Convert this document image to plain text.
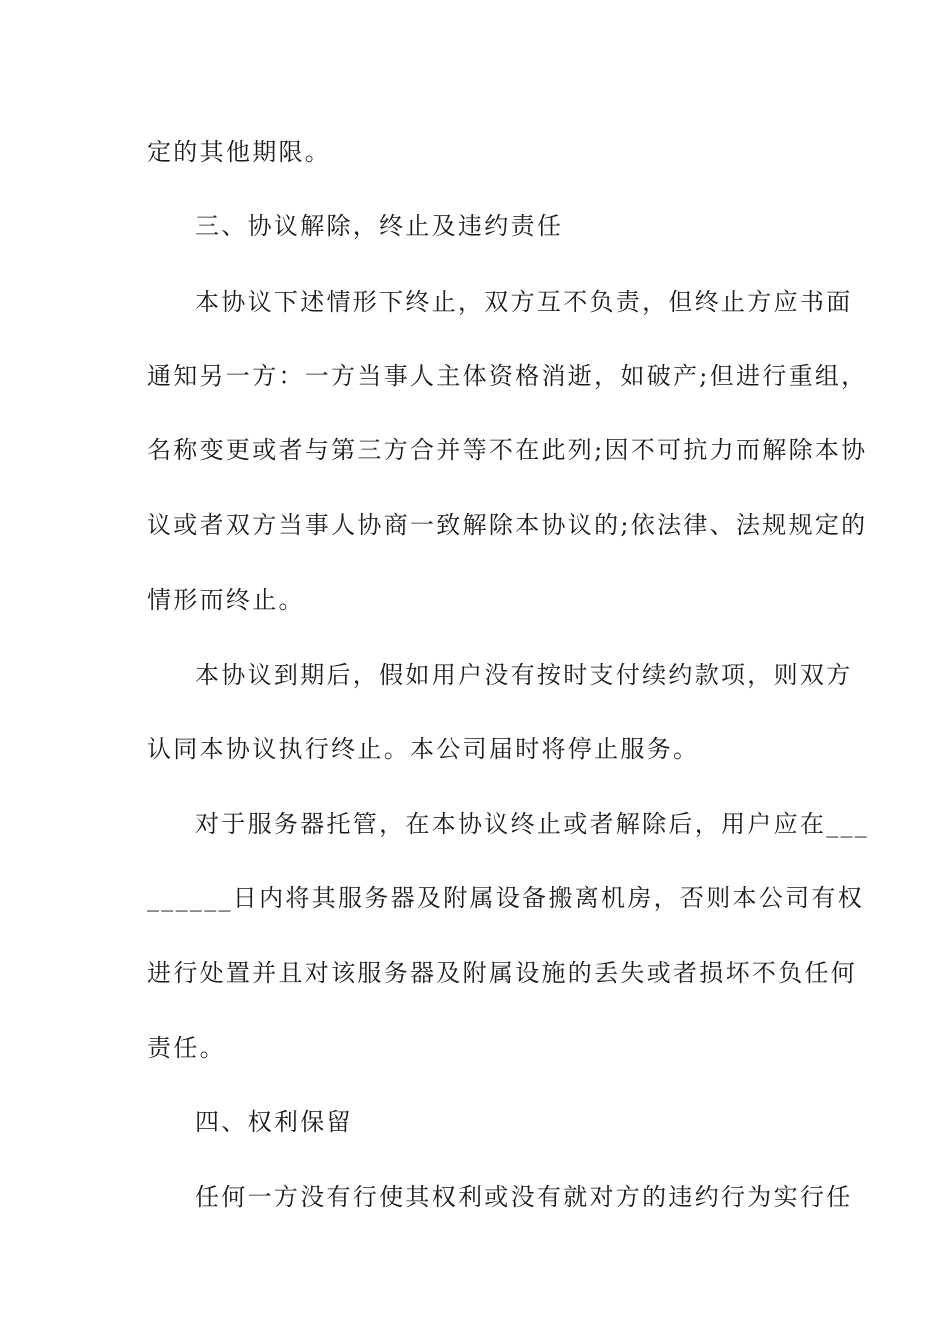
定的其他期限。
三、协议解除，终止及违约责任
本协议下述情形下终止，双方互不负责，但终止方应书面
通知另一方：一方当事人主体资格消逝，如破产;但进行重组，
名称变更或者与第三方合并等不在此列;因不可抗力而解除本协
议或者双方当事人协商一致解除本协议的;依法律、法规规定的
情形而终止。
本协议到期后，假如用户没有按时支付续约款项，则双方
认同本协议执行终止。本公司届时将停止服务。
对于服务器托管，在本协议终止或者解除后，用户应在___
______日内将其服务器及附属设备搬离机房，否则本公司有权
进行处置并且对该服务器及附属设施的丢失或者损坏不负任何
责任。
四、权利保留
任何一方没有行使其权利或没有就对方的违约行为实行任
